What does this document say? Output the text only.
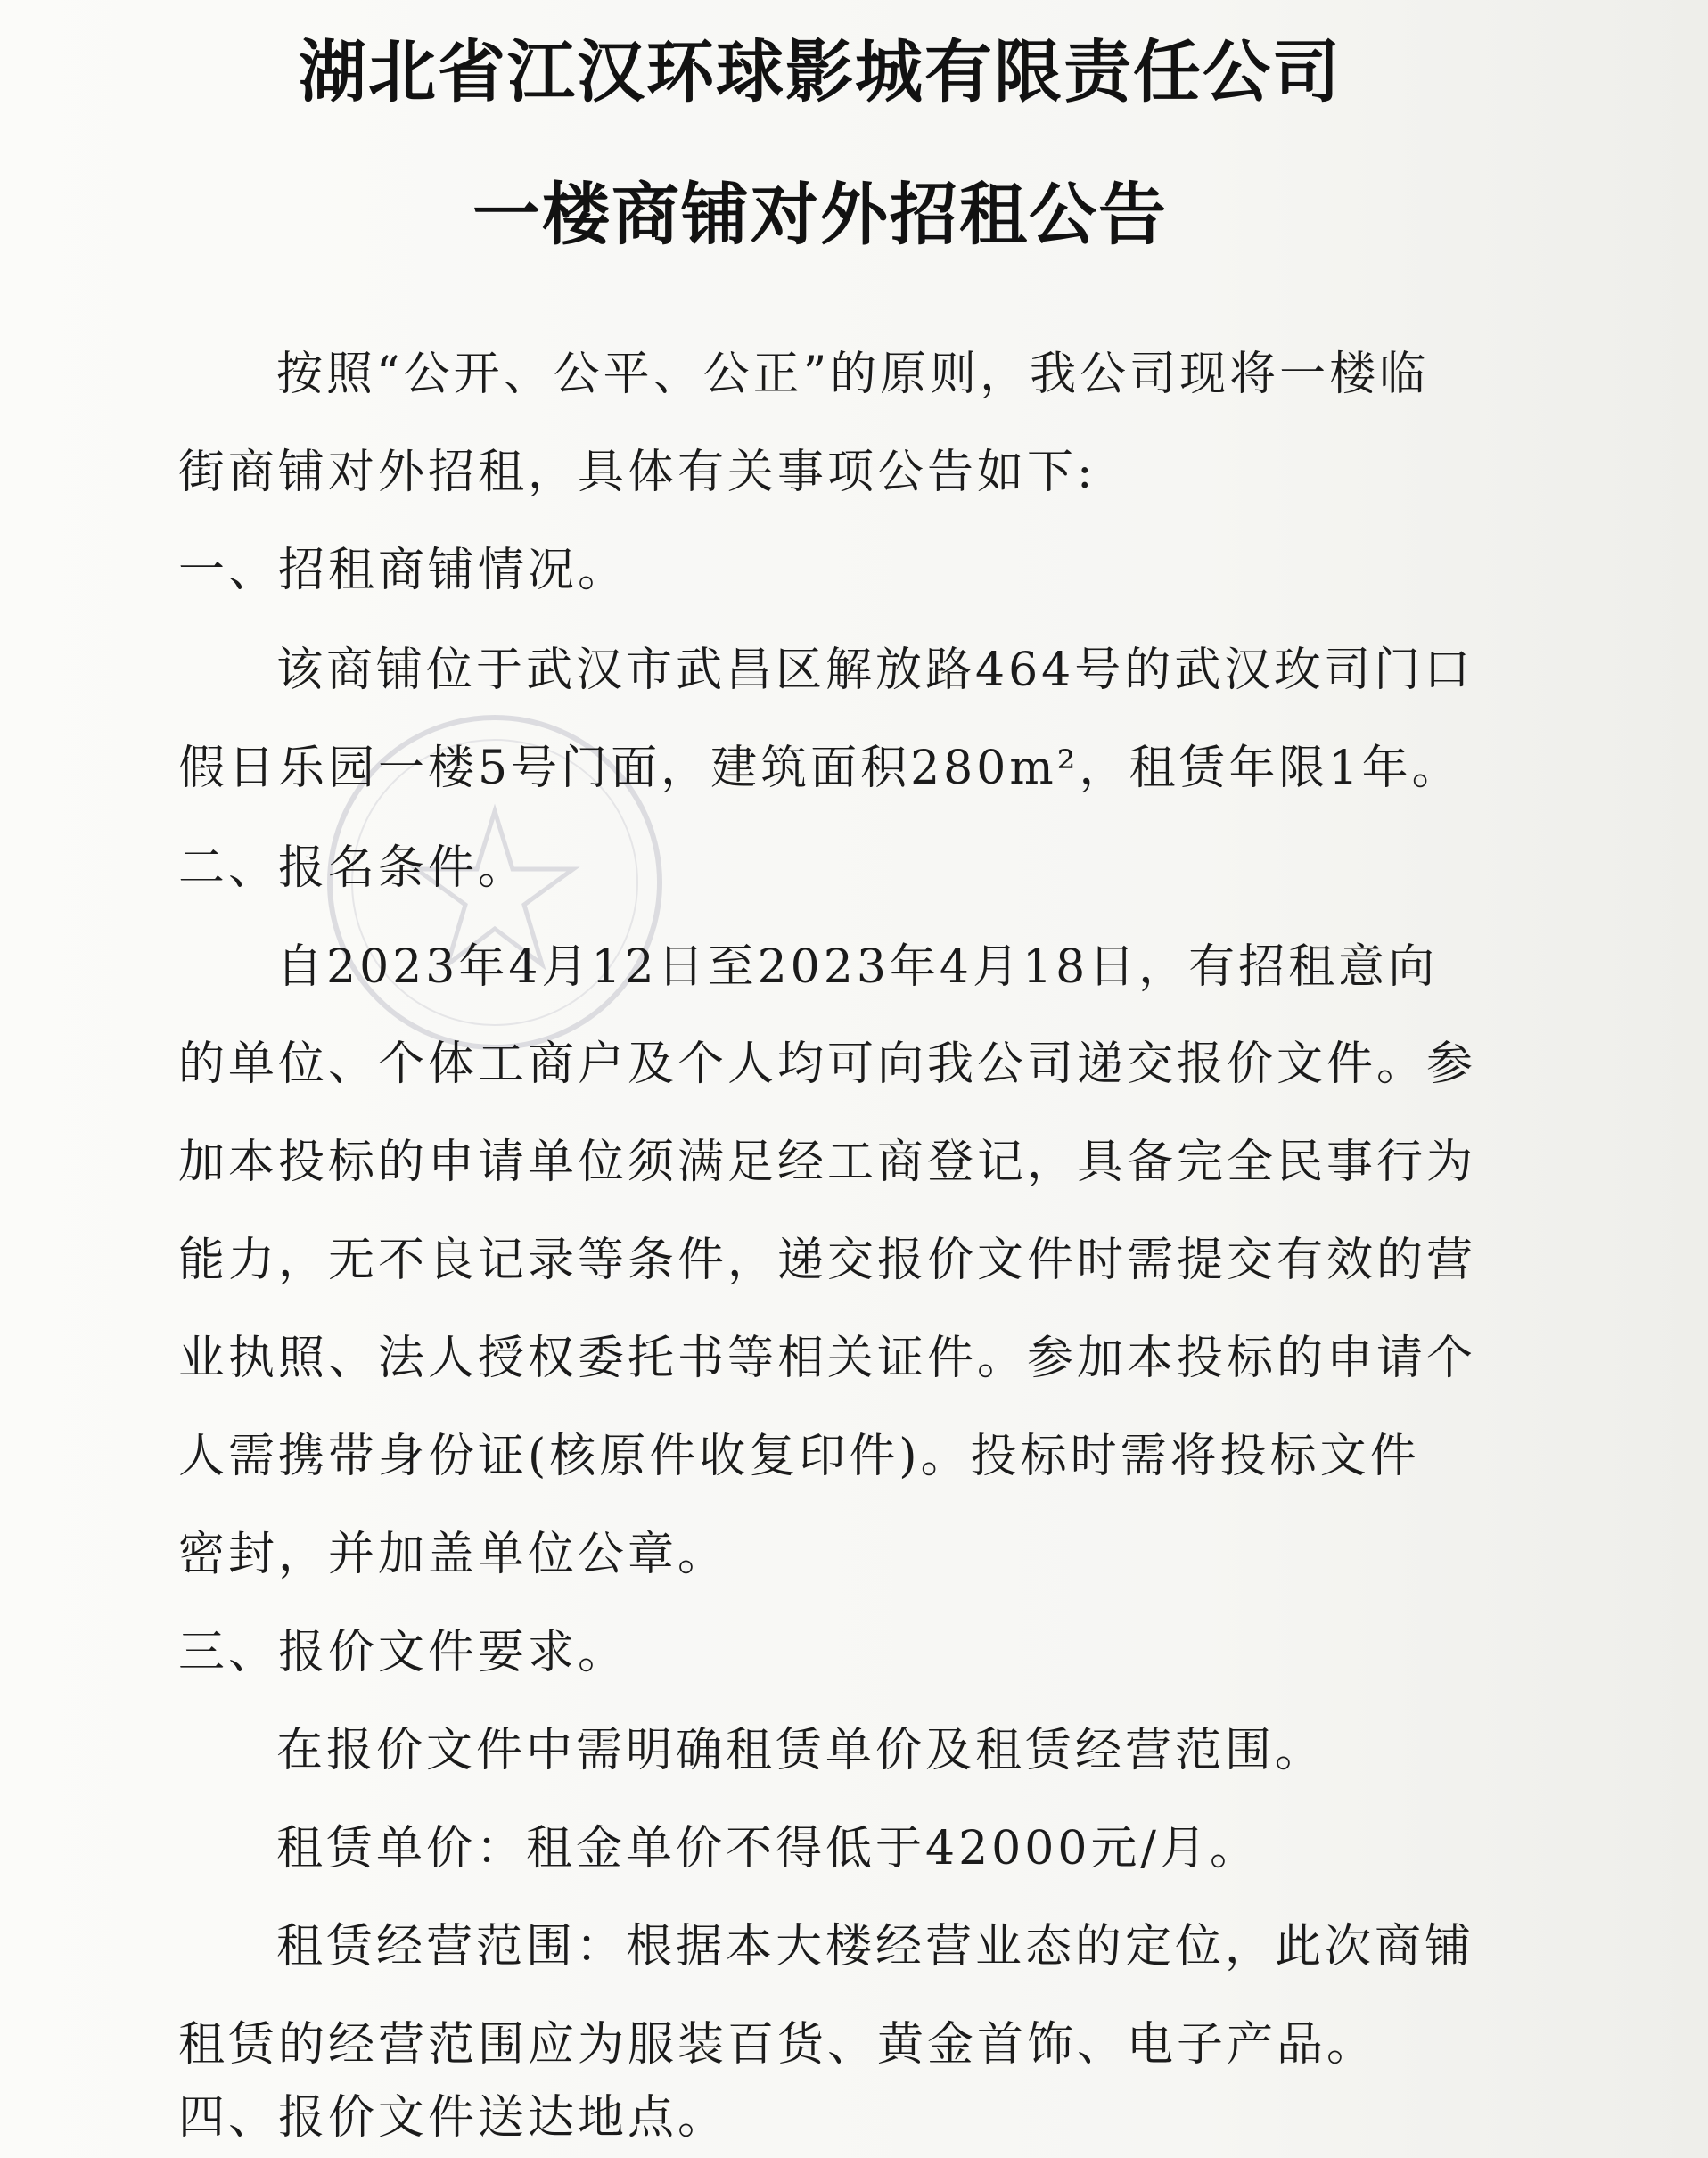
湖北省江汉环球影城有限责任公司
一楼商铺对外招租公告
按照“公开、公平、公正”的原则，我公司现将一楼临
街商铺对外招租，具体有关事项公告如下:
一、招租商铺情况。
该商铺位于武汉市武昌区解放路464号的武汉玫司门口
假日乐园一楼5号门面，建筑面积280m²，租赁年限1年。
二、报名条件。
自2023年4月12日至2023年4月18日，有招租意向
的单位、个体工商户及个人均可向我公司递交报价文件。参
加本投标的申请单位须满足经工商登记，具备完全民事行为
能力，无不良记录等条件，递交报价文件时需提交有效的营
业执照、法人授权委托书等相关证件。参加本投标的申请个
人需携带身份证(核原件收复印件)。投标时需将投标文件
密封，并加盖单位公章。
三、报价文件要求。
在报价文件中需明确租赁单价及租赁经营范围。
租赁单价：租金单价不得低于42000元/月。
租赁经营范围：根据本大楼经营业态的定位，此次商铺
租赁的经营范围应为服装百货、黄金首饰、电子产品。
四、报价文件送达地点。
